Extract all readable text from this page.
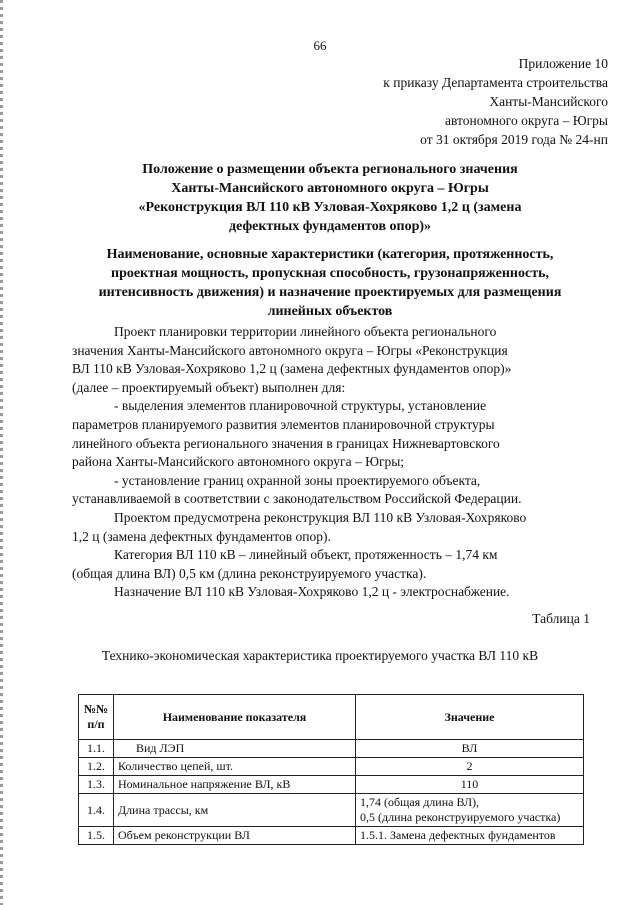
66
Приложение 10
к приказу Департамента строительства
Ханты-Мансийского
автономного округа – Югры
от 31 октября 2019 года № 24-нп
Положение о размещении объекта регионального значения
Ханты-Мансийского автономного округа – Югры
«Реконструкция ВЛ 110 кВ Узловая-Хохряково 1,2 ц (замена
дефектных фундаментов опор)»
Наименование, основные характеристики (категория, протяженность,
проектная мощность, пропускная способность, грузонапряженность,
интенсивность движения) и назначение проектируемых для размещения
линейных объектов

Проект планировки территории линейного объекта регионального
значения Ханты-Мансийского автономного округа – Югры «Реконструкция
ВЛ 110 кВ Узловая-Хохряково 1,2 ц (замена дефектных фундаментов опор)»
(далее – проектируемый объект) выполнен для:

- выделения элементов планировочной структуры, установление
параметров планируемого развития элементов планировочной структуры
линейного объекта регионального значения в границах Нижневартовского
района Ханты-Мансийского автономного округа – Югры;

- установление границ охранной зоны проектируемого объекта,
устанавливаемой в соответствии с законодательством Российской Федерации.

Проектом предусмотрена реконструкция ВЛ 110 кВ Узловая-Хохряково
1,2 ц (замена дефектных фундаментов опор).

Категория ВЛ 110 кВ – линейный объект, протяженность – 1,74 км
(общая длина ВЛ) 0,5 км (длина реконструируемого участка).

Назначение ВЛ 110 кВ Узловая-Хохряково 1,2 ц - электроснабжение.

Таблица 1
Технико-экономическая характеристика проектируемого участка ВЛ 110 кВ
№№
п/п	Наименование показателя	Значение
1.1.	Вид ЛЭП	ВЛ
1.2.	Количество цепей, шт.	2
1.3.	Номинальное напряжение ВЛ, кВ	110
1.4.	Длина трассы, км	1,74 (общая длина ВЛ),
0,5 (длина реконструируемого участка)
1.5.	Объем реконструкции ВЛ	1.5.1. Замена дефектных фундаментов
